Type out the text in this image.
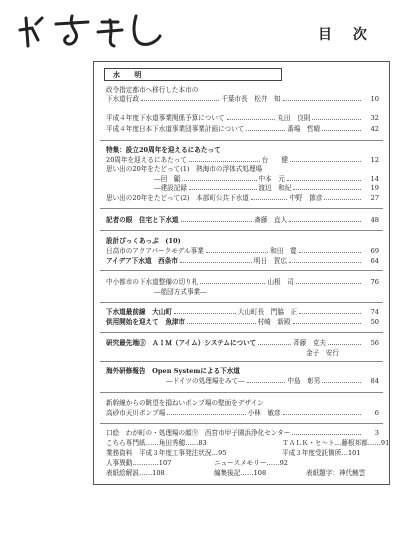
目 次
水 明
政令指定都市へ移行した本市の
下水道行政	千葉市長　松井　知	10
平成４年度下水道事業関係予算について	丸田　良則	32
平成４年度日本下水道事業団事業計画について	番場　哲晴	42
特集：設立20周年を迎えるにあたって
20周年を迎えるにあたって	台　　健	12
思い出の20年をたどって(1)　熱海市の浮体式処理場
―回　顧	中本　元	14
―建設記録	渡辺　和紀	19
思い出の20年をたどって(2)　本部町公共下水道	中野　節彦	27
記者の眼　住宅と下水道	斎藤　直人	48
設計ぴっくあっぷ　(10)
日高市のアクアパークモデル事業	和田　寛	69
アイデア下水道　西条市	明日　賀広	64
中小都市の下水道整備の切り札	山根　司	76
―船団方式事業―
下水道最前線　大山町	大山町長　門脇　正	74
供用開始を迎えて　魚津市	村崎　新殿	50
研究最先端③　ＡＩＭ（アイム）システムについて	斉藤　克夫	56
金子　安行
海外研修報告　Open Systemによる下水道
―ドイツの処理場をみて―	中島　彰男	84
新幹線からの眺望を損ねいポンプ場の壁面をデザイン
高砂市天川ポンプ場	小林　敏彦	6
口絵　わが町の・処理場の顔⑨　西宮市甲子園浜浄化センター	3
こちら専門紙……角田秀穂……83	ＴＡＬＫ・ヒ～ト…藤根邦都……91
業務資料　平成３年度工事発注状況…95	平成３年度受託箇所…101
人事異動…………107	ニュースメモリー……92
表紙絵解説……108	編集後記……108	表紙題字：神代鮪雲
